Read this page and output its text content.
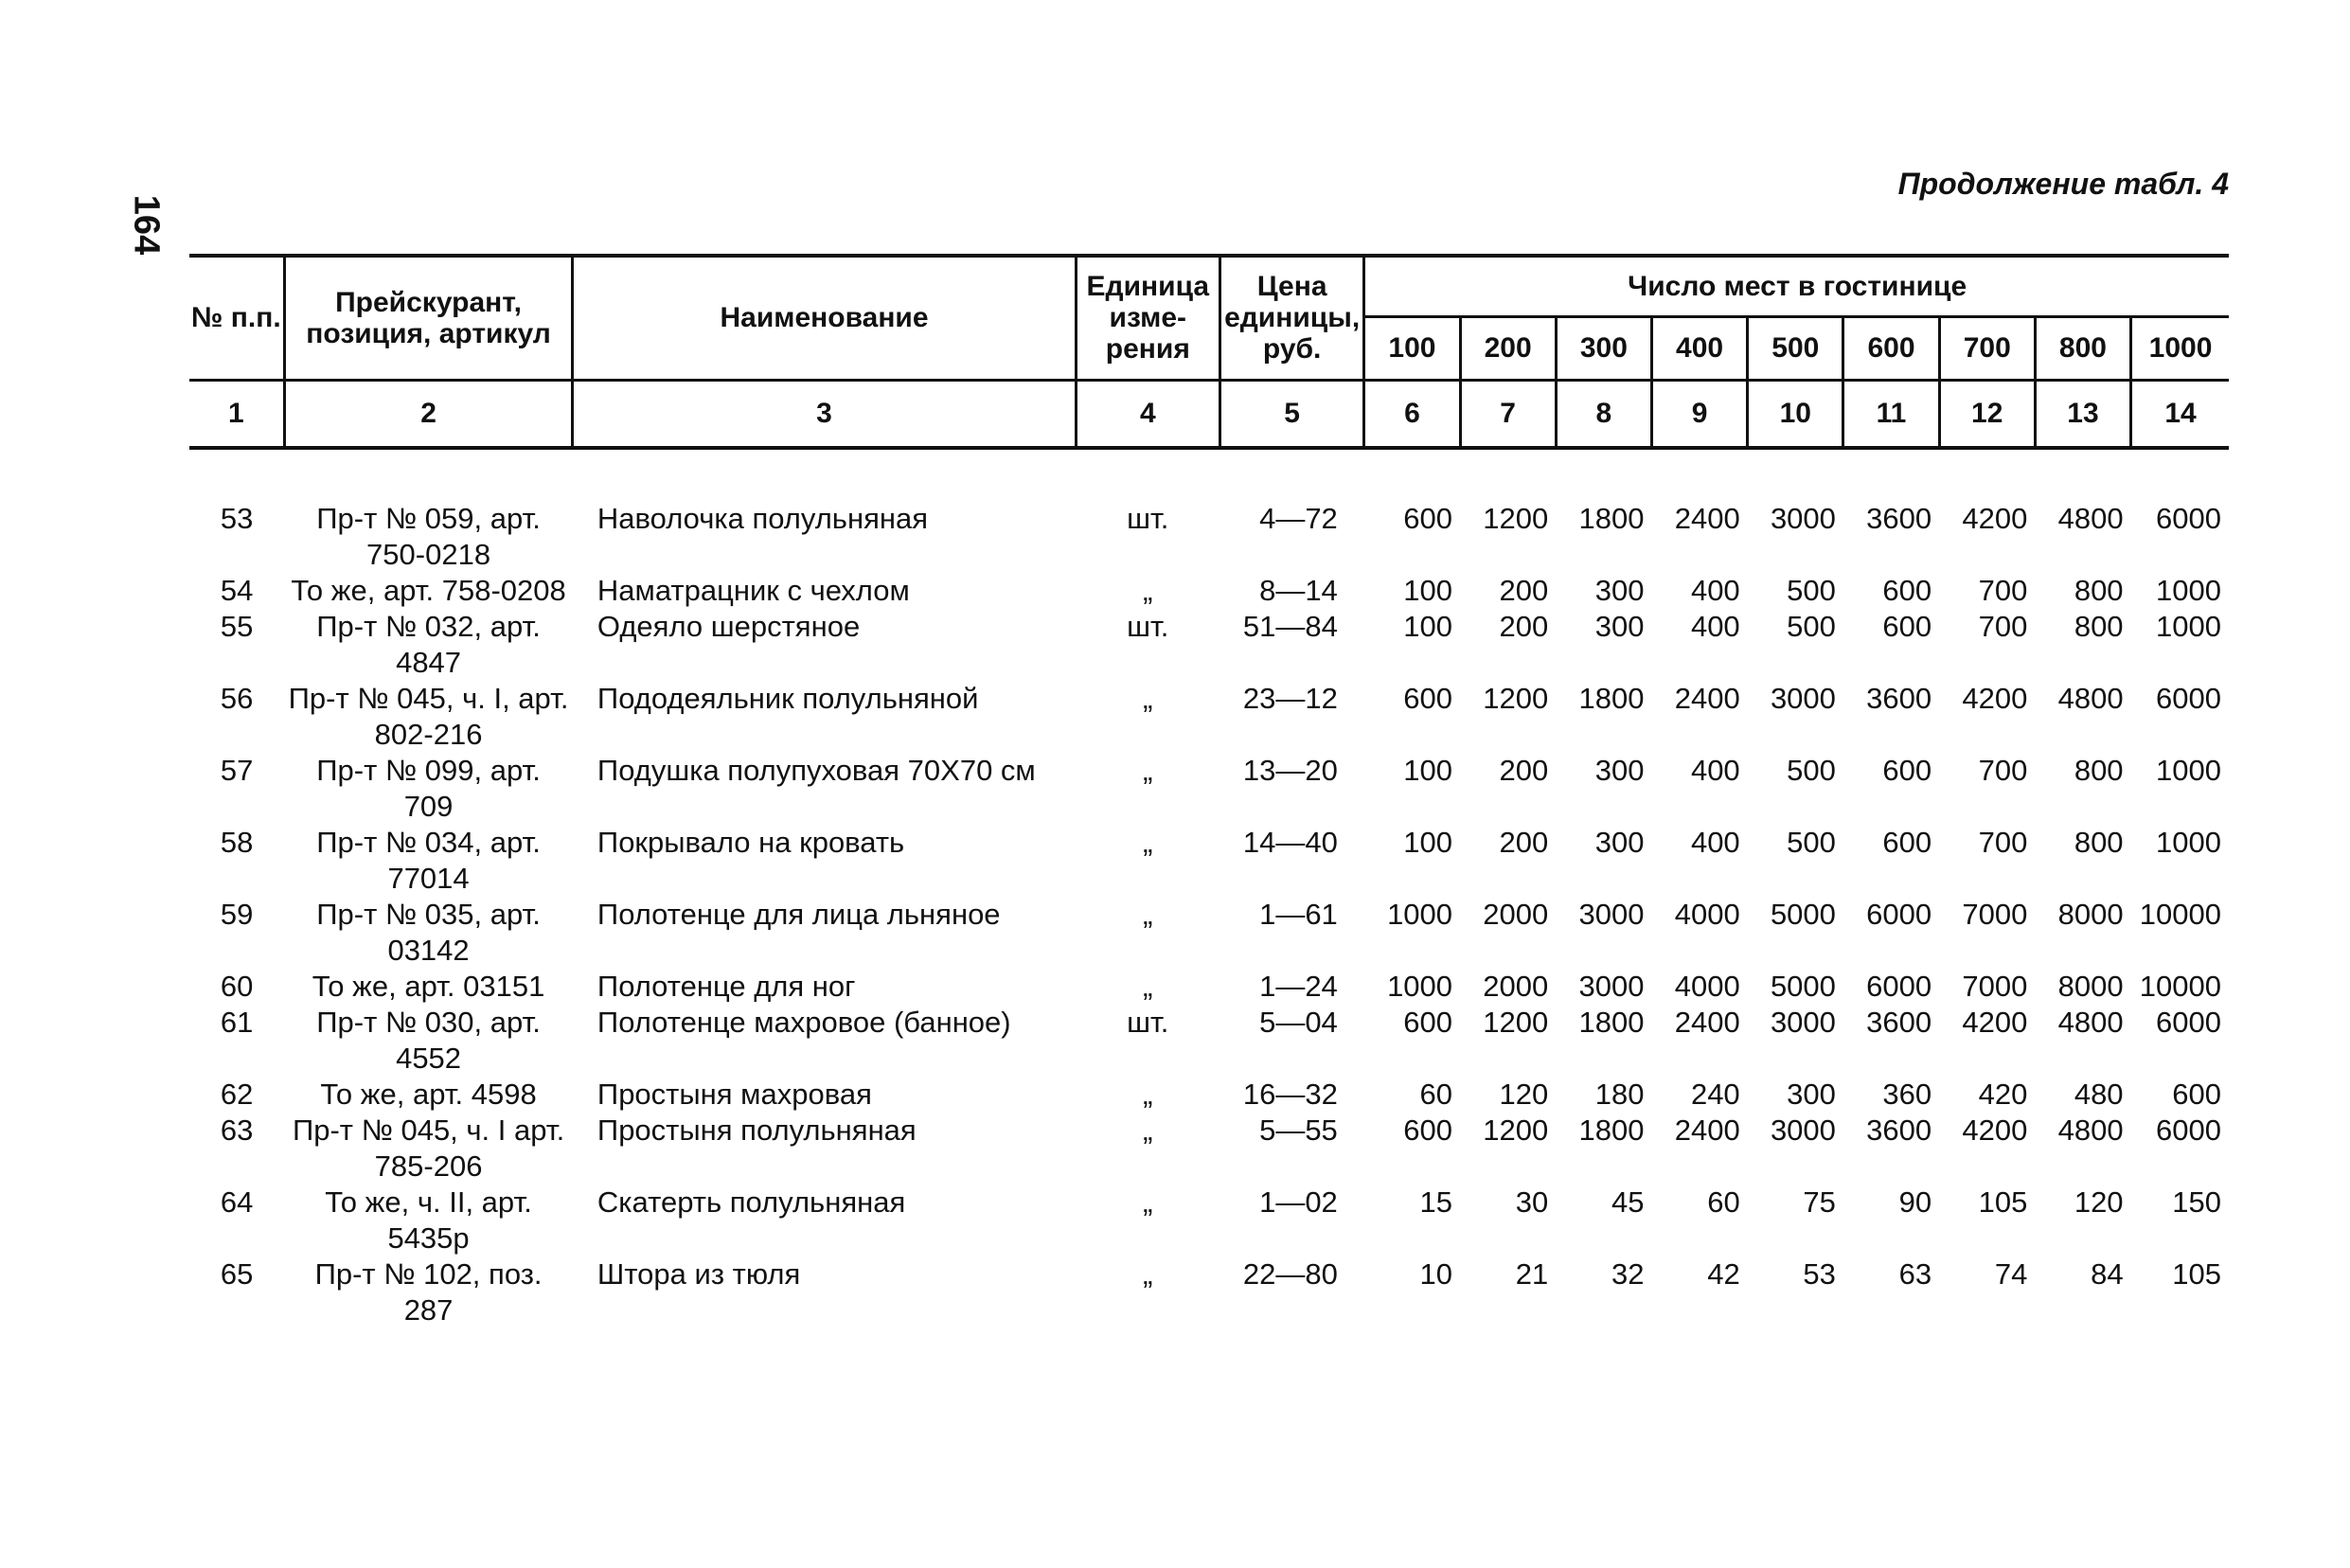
164
Продолжение табл. 4
№ п.п.	Прейскурант, позиция, артикул	Наименование	Единица измерения	Цена единицы, руб.	Число мест в гостинице								
					100	200	300	400	500	600	700	800	1000
1	2	3	4	5	6	7	8	9	10	11	12	13	14

53	Пр-т № 059, арт. 750-0218	Наволочка полульняная	шт.	4—72	600	1200	1800	2400	3000	3600	4200	4800	6000
54	То же, арт. 758-0208	Наматрацник с чехлом	„	8—14	100	200	300	400	500	600	700	800	1000
55	Пр-т № 032, арт. 4847	Одеяло шерстяное	шт.	51—84	100	200	300	400	500	600	700	800	1000
56	Пр-т № 045, ч. I, арт. 802-216	Пододеяльник полульняной	„	23—12	600	1200	1800	2400	3000	3600	4200	4800	6000
57	Пр-т № 099, арт. 709	Подушка полупуховая 70Х70 см	„	13—20	100	200	300	400	500	600	700	800	1000
58	Пр-т № 034, арт. 77014	Покрывало на кровать	„	14—40	100	200	300	400	500	600	700	800	1000
59	Пр-т № 035, арт. 03142	Полотенце для лица льняное	„	1—61	1000	2000	3000	4000	5000	6000	7000	8000	10000
60	То же, арт. 03151	Полотенце для ног	„	1—24	1000	2000	3000	4000	5000	6000	7000	8000	10000
61	Пр-т № 030, арт. 4552	Полотенце махровое (банное)	шт.	5—04	600	1200	1800	2400	3000	3600	4200	4800	6000
62	То же, арт. 4598	Простыня махровая	„	16—32	60	120	180	240	300	360	420	480	600
63	Пр-т № 045, ч. I арт. 785-206	Простыня полульняная	„	5—55	600	1200	1800	2400	3000	3600	4200	4800	6000
64	То же, ч. II, арт. 5435р	Скатерть полульняная	„	1—02	15	30	45	60	75	90	105	120	150
65	Пр-т № 102, поз. 287	Штора из тюля	„	22—80	10	21	32	42	53	63	74	84	105
